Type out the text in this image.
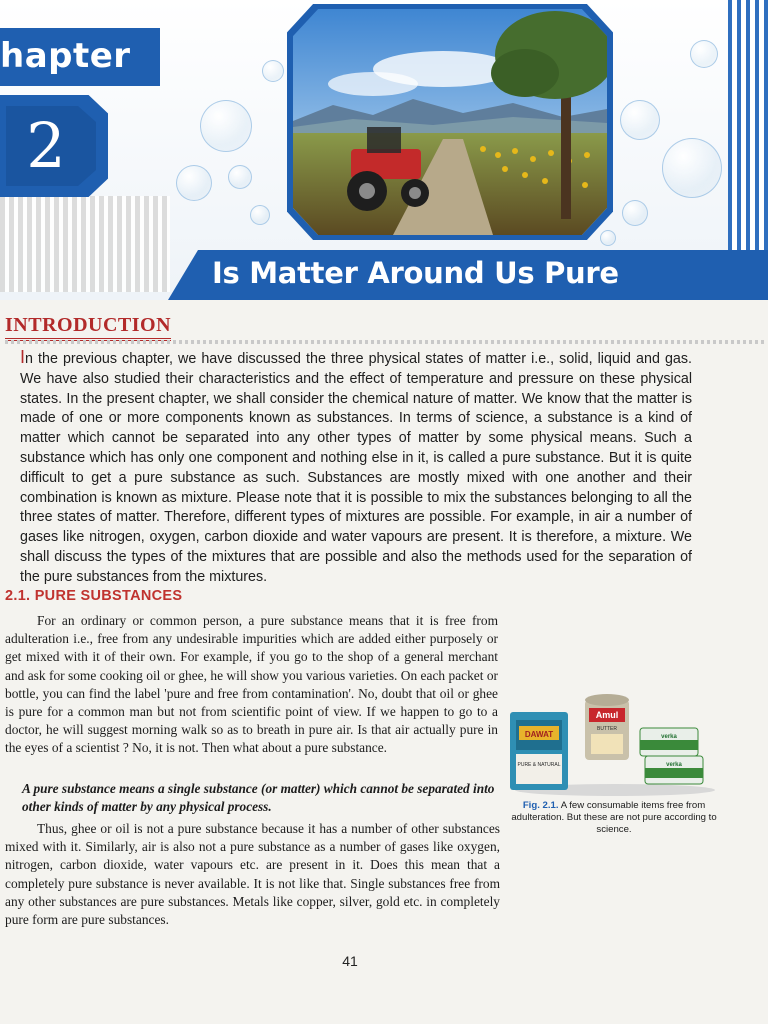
hapter
2
Is Matter Around Us Pure
INTRODUCTION
In the previous chapter, we have discussed the three physical states of matter i.e., solid, liquid and gas. We have also studied their characteristics and the effect of temperature and pressure on these physical states. In the present chapter, we shall consider the chemical nature of matter. We know that the matter is made of one or more components known as substances. In terms of science, a substance is a kind of matter which cannot be separated into any other types of matter by some physical means. Such a substance which has only one component and nothing else in it, is called a pure substance. But it is quite difficult to get a pure substance as such. Substances are mostly mixed with one another and their combination is known as mixture. Please note that it is possible to mix the substances belonging to all the three states of matter. Therefore, different types of mixtures are possible. For example, in air a number of gases like nitrogen, oxygen, carbon dioxide and water vapours are present. It is therefore, a mixture. We shall discuss the types of the mixtures that are possible and also the methods used for the separation of the pure substances from the mixtures.
2.1. PURE SUBSTANCES

For an ordinary or common person, a pure substance means that it is free from adulteration i.e., free from any undesirable impurities which are added either purposely or get mixed with it of their own. For example, if you go to the shop of a general merchant and ask for some cooking oil or ghee, he will show you various varieties. On each packet or bottle, you can find the label 'pure and free from contamination'. No, doubt that oil or ghee is pure for a common man but not from scientific point of view. If we happen to go to a doctor, he will suggest morning walk so as to breath in pure air. Is that air actually pure in the eyes of a scientist ? No, it is not. Then what about a pure substance.

A pure substance means a single substance (or matter) which cannot be separated into other kinds of matter by any physical process.

Thus, ghee or oil is not a pure substance because it has a number of other substances mixed with it. Similarly, air is also not a pure substance as a number of gases like oxygen, nitrogen, carbon dioxide, water vapours etc. are present in it. Does this mean that a completely pure substance is never available. It is not like that. Single substances free from any other substances are pure substances. Metals like copper, silver, gold etc. in completely pure form are pure substances.

DAWAT
PURE & NATURAL
Amul
BUTTER
verka
verka
Fig. 2.1. A few consumable items free from adulteration. But these are not pure according to science.
41
